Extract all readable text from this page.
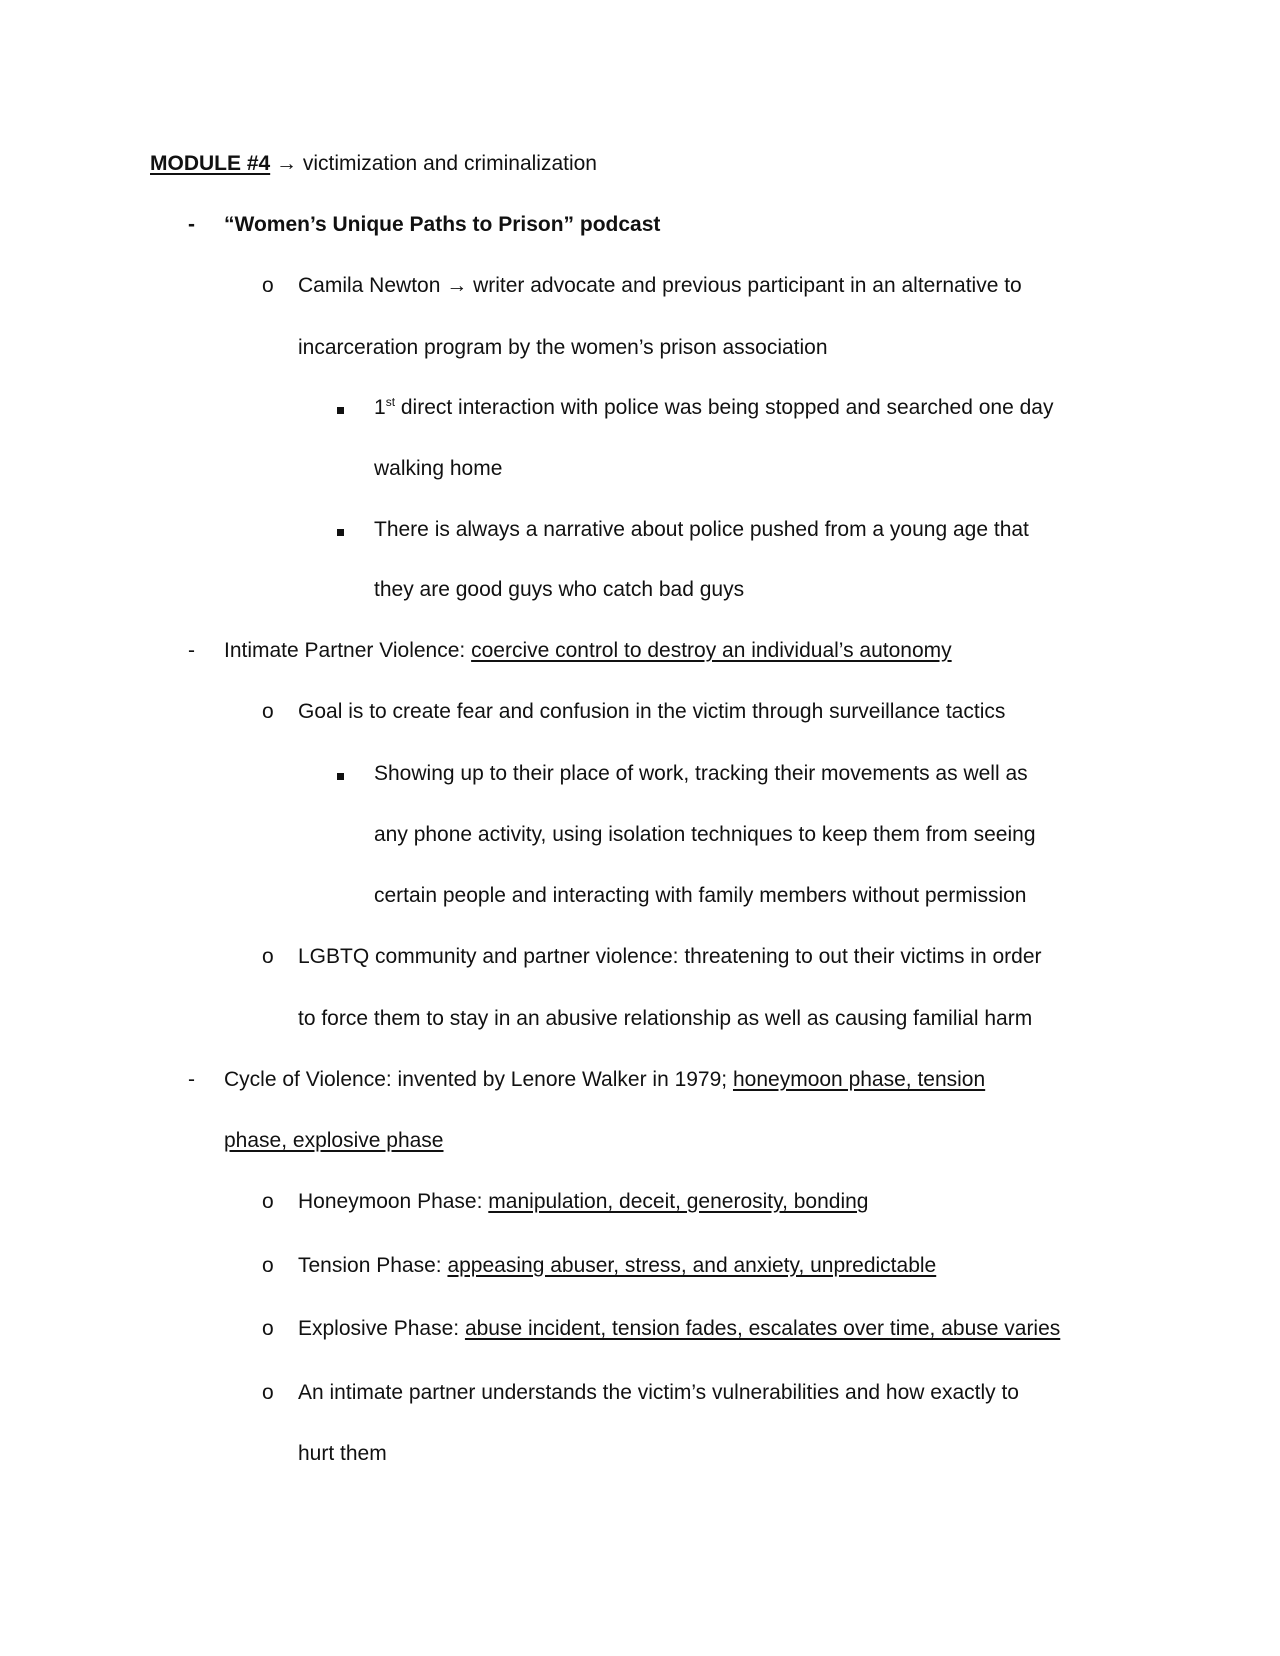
MODULE #4 → victimization and criminalization
- “Women’s Unique Paths to Prison” podcast
o Camila Newton → writer advocate and previous participant in an alternative to
incarceration program by the women’s prison association
1st direct interaction with police was being stopped and searched one day
walking home
There is always a narrative about police pushed from a young age that
they are good guys who catch bad guys
- Intimate Partner Violence: coercive control to destroy an individual’s autonomy
o Goal is to create fear and confusion in the victim through surveillance tactics
Showing up to their place of work, tracking their movements as well as
any phone activity, using isolation techniques to keep them from seeing
certain people and interacting with family members without permission
o LGBTQ community and partner violence: threatening to out their victims in order
to force them to stay in an abusive relationship as well as causing familial harm
- Cycle of Violence: invented by Lenore Walker in 1979; honeymoon phase, tension
phase, explosive phase
o Honeymoon Phase: manipulation, deceit, generosity, bonding
o Tension Phase: appeasing abuser, stress, and anxiety, unpredictable
o Explosive Phase: abuse incident, tension fades, escalates over time, abuse varies
o An intimate partner understands the victim’s vulnerabilities and how exactly to
hurt them
